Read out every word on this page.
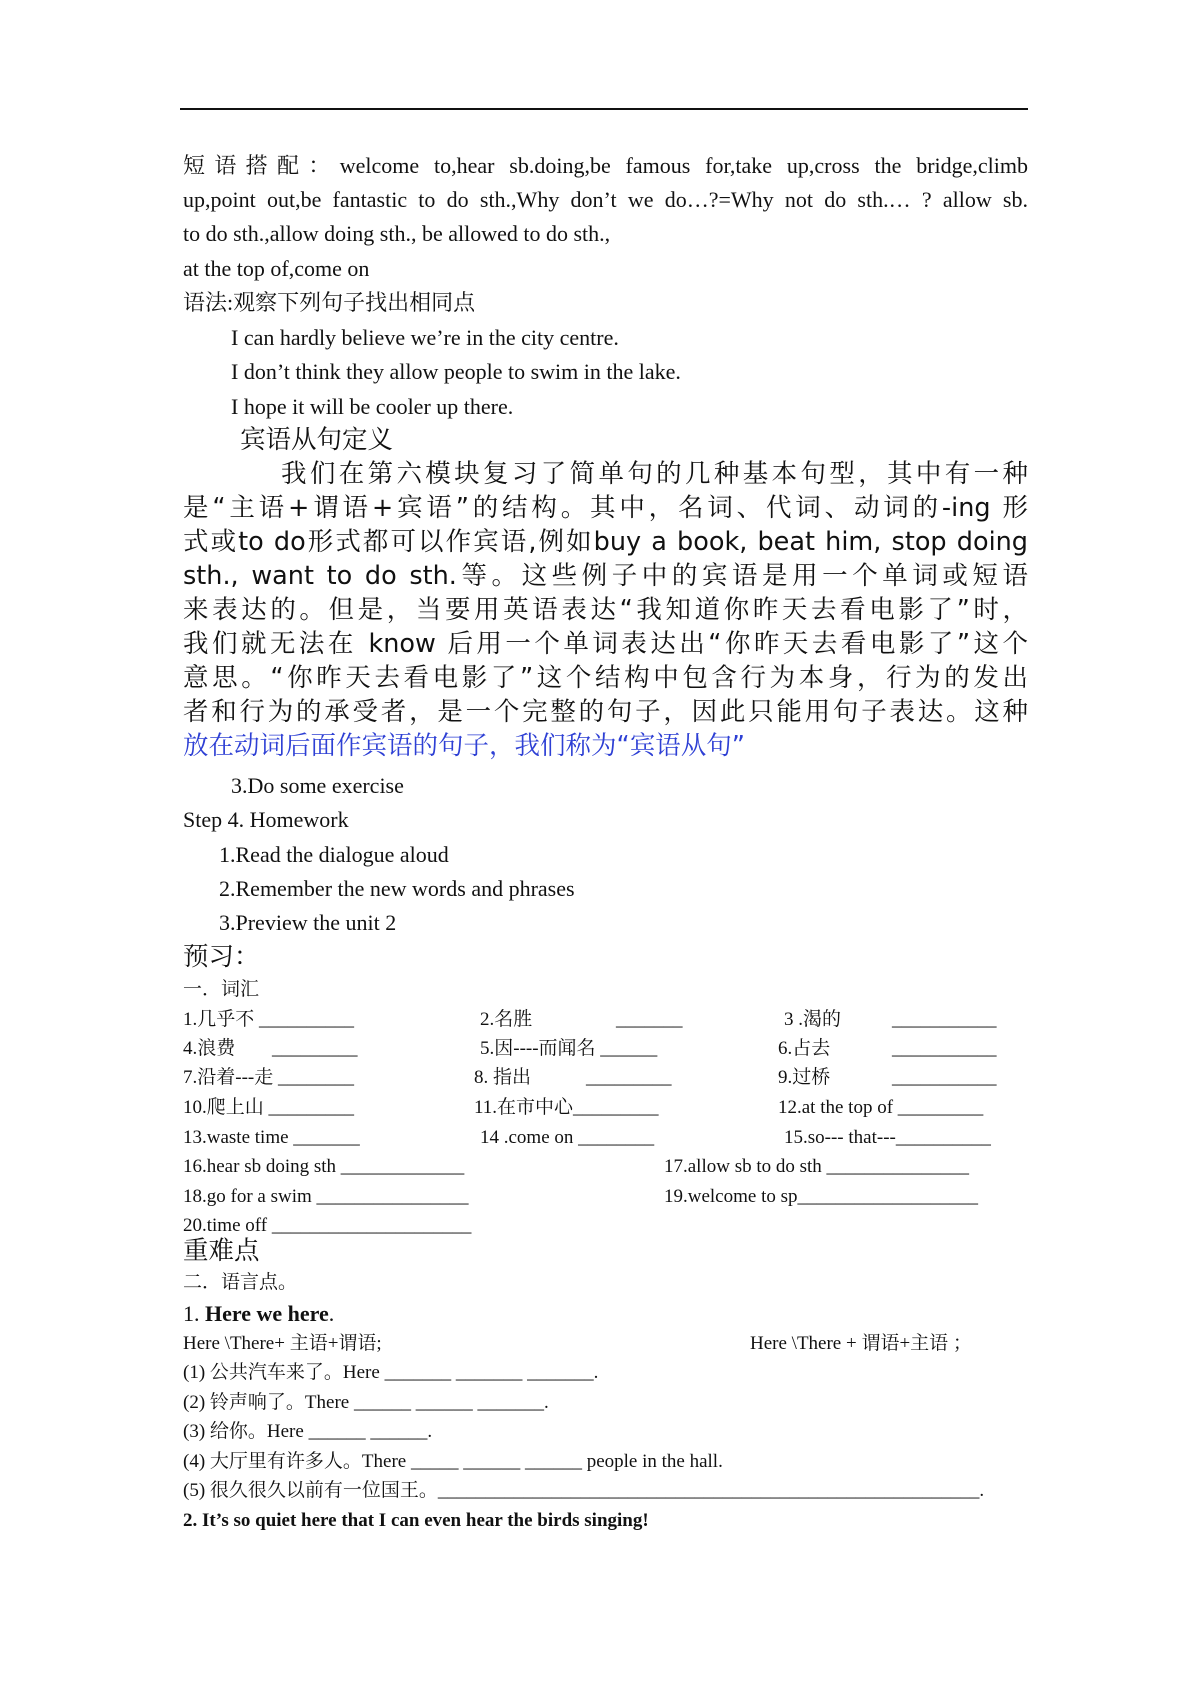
短语搭配：welcome to,hear sb.doing,be famous for,take up,cross the bridge,climb
up,point out,be fantastic to do sth.,Why don’t we do…?=Why not do sth.… ? allow sb.
to do sth.,allow doing sth., be allowed to do sth.,
at the top of,come on
语法:观察下列句子找出相同点
I can hardly believe we’re in the city centre.
I don’t think they allow people to swim in the lake.
I hope it will be cooler up there.
宾语从句定义
我们在第六模块复习了简单句的几种基本句型，其中有一种
是“主语+谓语+宾语”的结构。其中，名词、代词、动词的-ing 形
式或to do形式都可以作宾语,例如buy a book, beat him, stop doing
sth., want to do sth.等。这些例子中的宾语是用一个单词或短语
来表达的。但是，当要用英语表达“我知道你昨天去看电影了”时，
我们就无法在 know 后用一个单词表达出“你昨天去看电影了”这个
意思。“你昨天去看电影了”这个结构中包含行为本身，行为的发出
者和行为的承受者，是一个完整的句子，因此只能用句子表达。这种
放在动词后面作宾语的句子，我们称为“宾语从句”
3.Do some exercise
Step 4. Homework
1.Read the dialogue aloud
2.Remember the new words and phrases
3.Preview the unit 2
预习：
一．词汇
1.几乎不 __________	2.名胜	_______	3 .渴的	___________
4.浪费 _________	5.因----而闻名 ______	6.占去	___________
7.沿着---走 ________	8. 指出	_________	9.过桥	___________
10.爬上山 _________	11.在市中心_________	12.at the top of _________
13.waste time _______	14 .come on ________	15.so--- that---__________
16.hear sb doing sth _____________	17.allow sb to do sth _______________
18.go for a swim ________________	19.welcome to sp___________________
20.time off _____________________
重难点
二．语言点。
1. Here we here.
Here \There+ 主语+谓语;	Here \There + 谓语+主语 ；
(1) 公共汽车来了。Here _______ _______ _______.
(2) 铃声响了。There ______ ______ _______.
(3) 给你。Here ______ ______.
(4) 大厅里有许多人。There _____ ______ ______ people in the hall.
(5) 很久很久以前有一位国王。_________________________________________________________.
2. It’s so quiet here that I can even hear the birds singing!
